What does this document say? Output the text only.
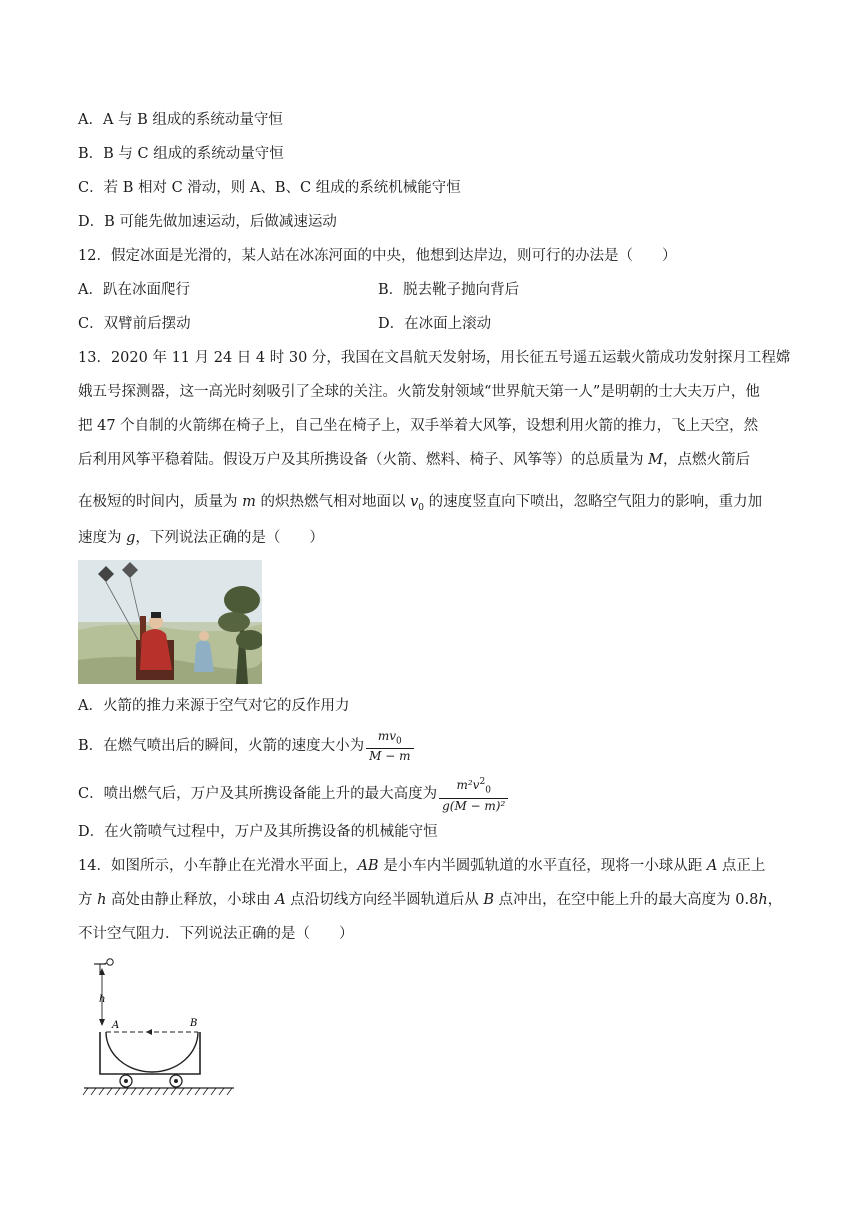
A．A 与 B 组成的系统动量守恒
B．B 与 C 组成的系统动量守恒
C．若 B 相对 C 滑动，则 A、B、C 组成的系统机械能守恒
D．B 可能先做加速运动，后做减速运动
12．假定冰面是光滑的，某人站在冰冻河面的中央，他想到达岸边，则可行的办法是（　　）
A．趴在冰面爬行	B．脱去靴子抛向背后
C．双臂前后摆动	D．在冰面上滚动
13．2020 年 11 月 24 日 4 时 30 分，我国在文昌航天发射场，用长征五号遥五运载火箭成功发射探月工程嫦
娥五号探测器，这一高光时刻吸引了全球的关注。火箭发射领域“世界航天第一人”是明朝的士大夫万户，他
把 47 个自制的火箭绑在椅子上，自己坐在椅子上，双手举着大风筝，设想利用火箭的推力，飞上天空，然
后利用风筝平稳着陆。假设万户及其所携设备（火箭、燃料、椅子、风筝等）的总质量为 M，点燃火箭后
在极短的时间内，质量为 m 的炽热燃气相对地面以 $v_0$ 的速度竖直向下喷出，忽略空气阻力的影响，重力加
速度为 g，下列说法正确的是（　　）
A．火箭的推力来源于空气对它的反作用力
B．在燃气喷出后的瞬间，火箭的速度大小为 $\frac{mv_0}{M - m}$
C．喷出燃气后，万户及其所携设备能上升的最大高度为 $\frac{m^2v^2_0}{\text{g(M − m)²}}$
D．在火箭喷气过程中，万户及其所携设备的机械能守恒
14．如图所示，小车静止在光滑水平面上，AB 是小车内半圆弧轨道的水平直径，现将一小球从距 A 点正上
方 h 高处由静止释放，小球由 A 点沿切线方向经半圆轨道后从 B 点冲出，在空中能上升的最大高度为 0.8h，
不计空气阻力．下列说法正确的是（　　）
h
A	B
